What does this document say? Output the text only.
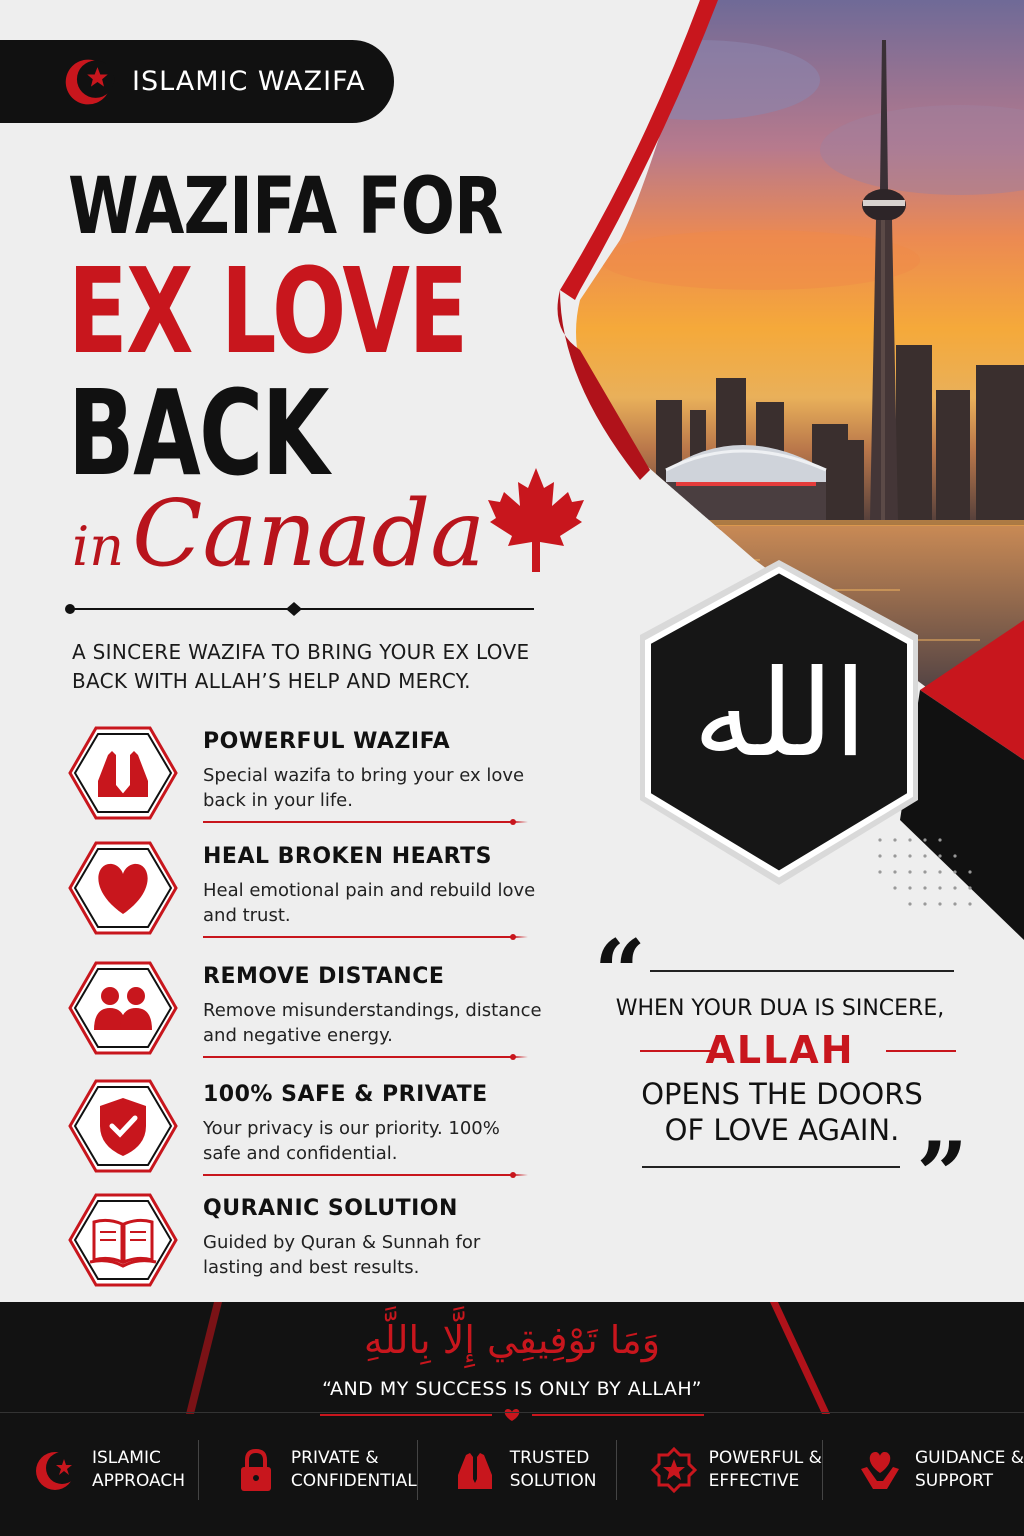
الله
ISLAMIC WAZIFA
WAZIFA FOR
EX LOVE
BACK
inCanada
A SINCERE WAZIFA TO BRING YOUR EX LOVE BACK WITH ALLAH’S HELP AND MERCY.
POWERFUL WAZIFA
Special wazifa to bring your ex love back in your life.
HEAL BROKEN HEARTS
Heal emotional pain and rebuild love and trust.
REMOVE DISTANCE
Remove misunderstandings, distance and negative energy.
100% SAFE & PRIVATE
Your privacy is our priority. 100% safe and confidential.
QURANIC SOLUTION
Guided by Quran & Sunnah for lasting and best results.
“
WHEN YOUR DUA IS SINCERE,
ALLAH
OPENS THE DOORS
OF LOVE AGAIN. ”
وَمَا تَوْفِيقِي إِلَّا بِاللَّهِ
“AND MY SUCCESS IS ONLY BY ALLAH”
ISLAMIC
APPROACH
PRIVATE &
CONFIDENTIAL
TRUSTED
SOLUTION
POWERFUL &
EFFECTIVE
GUIDANCE &
SUPPORT
